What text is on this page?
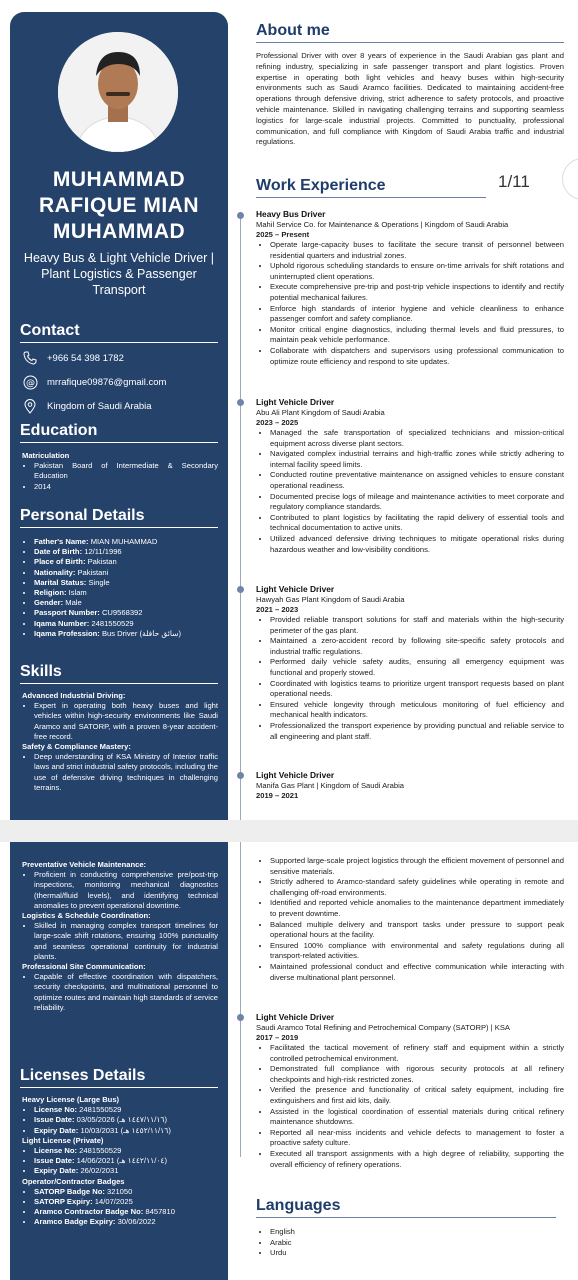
MUHAMMAD
RAFIQUE MIAN
MUHAMMAD
Heavy Bus & Light Vehicle Driver | Plant Logistics & Passenger Transport
Contact
+966 54 398 1782
@ mrrafique09876@gmail.com
Kingdom of Saudi Arabia
Education
Matriculation
• Pakistan Board of Intermediate & Secondary Education
• 2014
Personal Details
• Father's Name: MIAN MUHAMMAD
• Date of Birth: 12/11/1996
• Place of Birth: Pakistan
• Nationality: Pakistani
• Marital Status: Single
• Religion: Islam
• Gender: Male
• Passport Number: CU9568392
• Iqama Number: 2481550529
• Iqama Profession: Bus Driver (سائق حافلة)
Skills
Advanced Industrial Driving:
• Expert in operating both heavy buses and light vehicles within high-security environments like Saudi Aramco and SATORP, with a proven 8-year accident-free record.
Safety & Compliance Mastery:
• Deep understanding of KSA Ministry of Interior traffic laws and strict industrial safety protocols, including the use of defensive driving techniques in challenging terrains.
About me
Professional Driver with over 8 years of experience in the Saudi Arabian gas plant and refining industry, specializing in safe passenger transport and plant logistics. Proven expertise in operating both light vehicles and heavy buses within high-security environments such as Saudi Aramco facilities. Dedicated to maintaining accident-free operations through defensive driving, strict adherence to safety protocols, and proactive vehicle maintenance. Skilled in navigating challenging terrains and supporting seamless logistics for large-scale industrial projects. Committed to punctuality, professional communication, and full compliance with Kingdom of Saudi Arabia traffic and industrial regulations.
Work Experience	1/11
Heavy Bus Driver
Mahil Service Co. for Maintenance & Operations | Kingdom of Saudi Arabia
2025 – Present
• Operate large-capacity buses to facilitate the secure transit of personnel between residential quarters and industrial zones.
• Uphold rigorous scheduling standards to ensure on-time arrivals for shift rotations and uninterrupted client operations.
• Execute comprehensive pre-trip and post-trip vehicle inspections to identify and rectify potential mechanical failures.
• Enforce high standards of interior hygiene and vehicle cleanliness to enhance passenger comfort and safety compliance.
• Monitor critical engine diagnostics, including thermal levels and fluid pressures, to maintain peak vehicle performance.
• Collaborate with dispatchers and supervisors using professional communication to optimize route efficiency and respond to site updates.
Light Vehicle Driver
Abu Ali Plant Kingdom of Saudi Arabia
2023 – 2025
• Managed the safe transportation of specialized technicians and mission-critical equipment across diverse plant sectors.
• Navigated complex industrial terrains and high-traffic zones while strictly adhering to internal facility speed limits.
• Conducted routine preventative maintenance on assigned vehicles to ensure constant operational readiness.
• Documented precise logs of mileage and maintenance activities to meet corporate and regulatory compliance standards.
• Contributed to plant logistics by facilitating the rapid delivery of essential tools and technical documentation to active units.
• Utilized advanced defensive driving techniques to mitigate operational risks during hazardous weather and low-visibility conditions.
Light Vehicle Driver
Hawyah Gas Plant Kingdom of Saudi Arabia
2021 – 2023
• Provided reliable transport solutions for staff and materials within the high-security perimeter of the gas plant.
• Maintained a zero-accident record by following site-specific safety protocols and industrial traffic regulations.
• Performed daily vehicle safety audits, ensuring all emergency equipment was functional and properly stowed.
• Coordinated with logistics teams to prioritize urgent transport requests based on plant operational needs.
• Ensured vehicle longevity through meticulous monitoring of fuel efficiency and mechanical health indicators.
• Professionalized the transport experience by providing punctual and reliable service to all engineering and plant staff.
Light Vehicle Driver
Manifa Gas Plant | Kingdom of Saudi Arabia
2019 – 2021
Preventative Vehicle Maintenance:
• Proficient in conducting comprehensive pre/post-trip inspections, monitoring mechanical diagnostics (thermal/fluid levels), and identifying technical anomalies to prevent operational downtime.
Logistics & Schedule Coordination:
• Skilled in managing complex transport timelines for large-scale shift rotations, ensuring 100% punctuality and seamless operational continuity for industrial plants.
Professional Site Communication:
• Capable of effective coordination with dispatchers, security checkpoints, and multinational personnel to optimize routes and maintain high standards of service reliability.
Licenses Details
Heavy License (Large Bus)
• License No: 2481550529
• Issue Date: 03/05/2026 (١٤٤٧/١١/١٦ هـ)
• Expiry Date: 10/03/2031 (١٤٥٢/١١/١٦ هـ)
Light License (Private)
• License No: 2481550529
• Issue Date: 14/06/2021 (١٤٤٢/١١/٠٤ هـ)
• Expiry Date: 26/02/2031
Operator/Contractor Badges
• SATORP Badge No: 321050
• SATORP Expiry: 14/07/2025
• Aramco Contractor Badge No: 8457810
• Aramco Badge Expiry: 30/06/2022
• Supported large-scale project logistics through the efficient movement of personnel and sensitive materials.
• Strictly adhered to Aramco-standard safety guidelines while operating in remote and challenging off-road environments.
• Identified and reported vehicle anomalies to the maintenance department immediately to prevent downtime.
• Balanced multiple delivery and transport tasks under pressure to support peak operational hours at the facility.
• Ensured 100% compliance with environmental and safety regulations during all transport-related activities.
• Maintained professional conduct and effective communication while interacting with diverse multinational plant personnel.
Light Vehicle Driver
Saudi Aramco Total Refining and Petrochemical Company (SATORP) | KSA
2017 – 2019
• Facilitated the tactical movement of refinery staff and equipment within a strictly controlled petrochemical environment.
• Demonstrated full compliance with rigorous security protocols at all refinery checkpoints and high-risk restricted zones.
• Verified the presence and functionality of critical safety equipment, including fire extinguishers and first aid kits, daily.
• Assisted in the logistical coordination of essential materials during critical refinery maintenance shutdowns.
• Reported all near-miss incidents and vehicle defects to management to foster a proactive safety culture.
• Executed all transport assignments with a high degree of reliability, supporting the overall efficiency of refinery operations.
Languages
• English
• Arabic
• Urdu
